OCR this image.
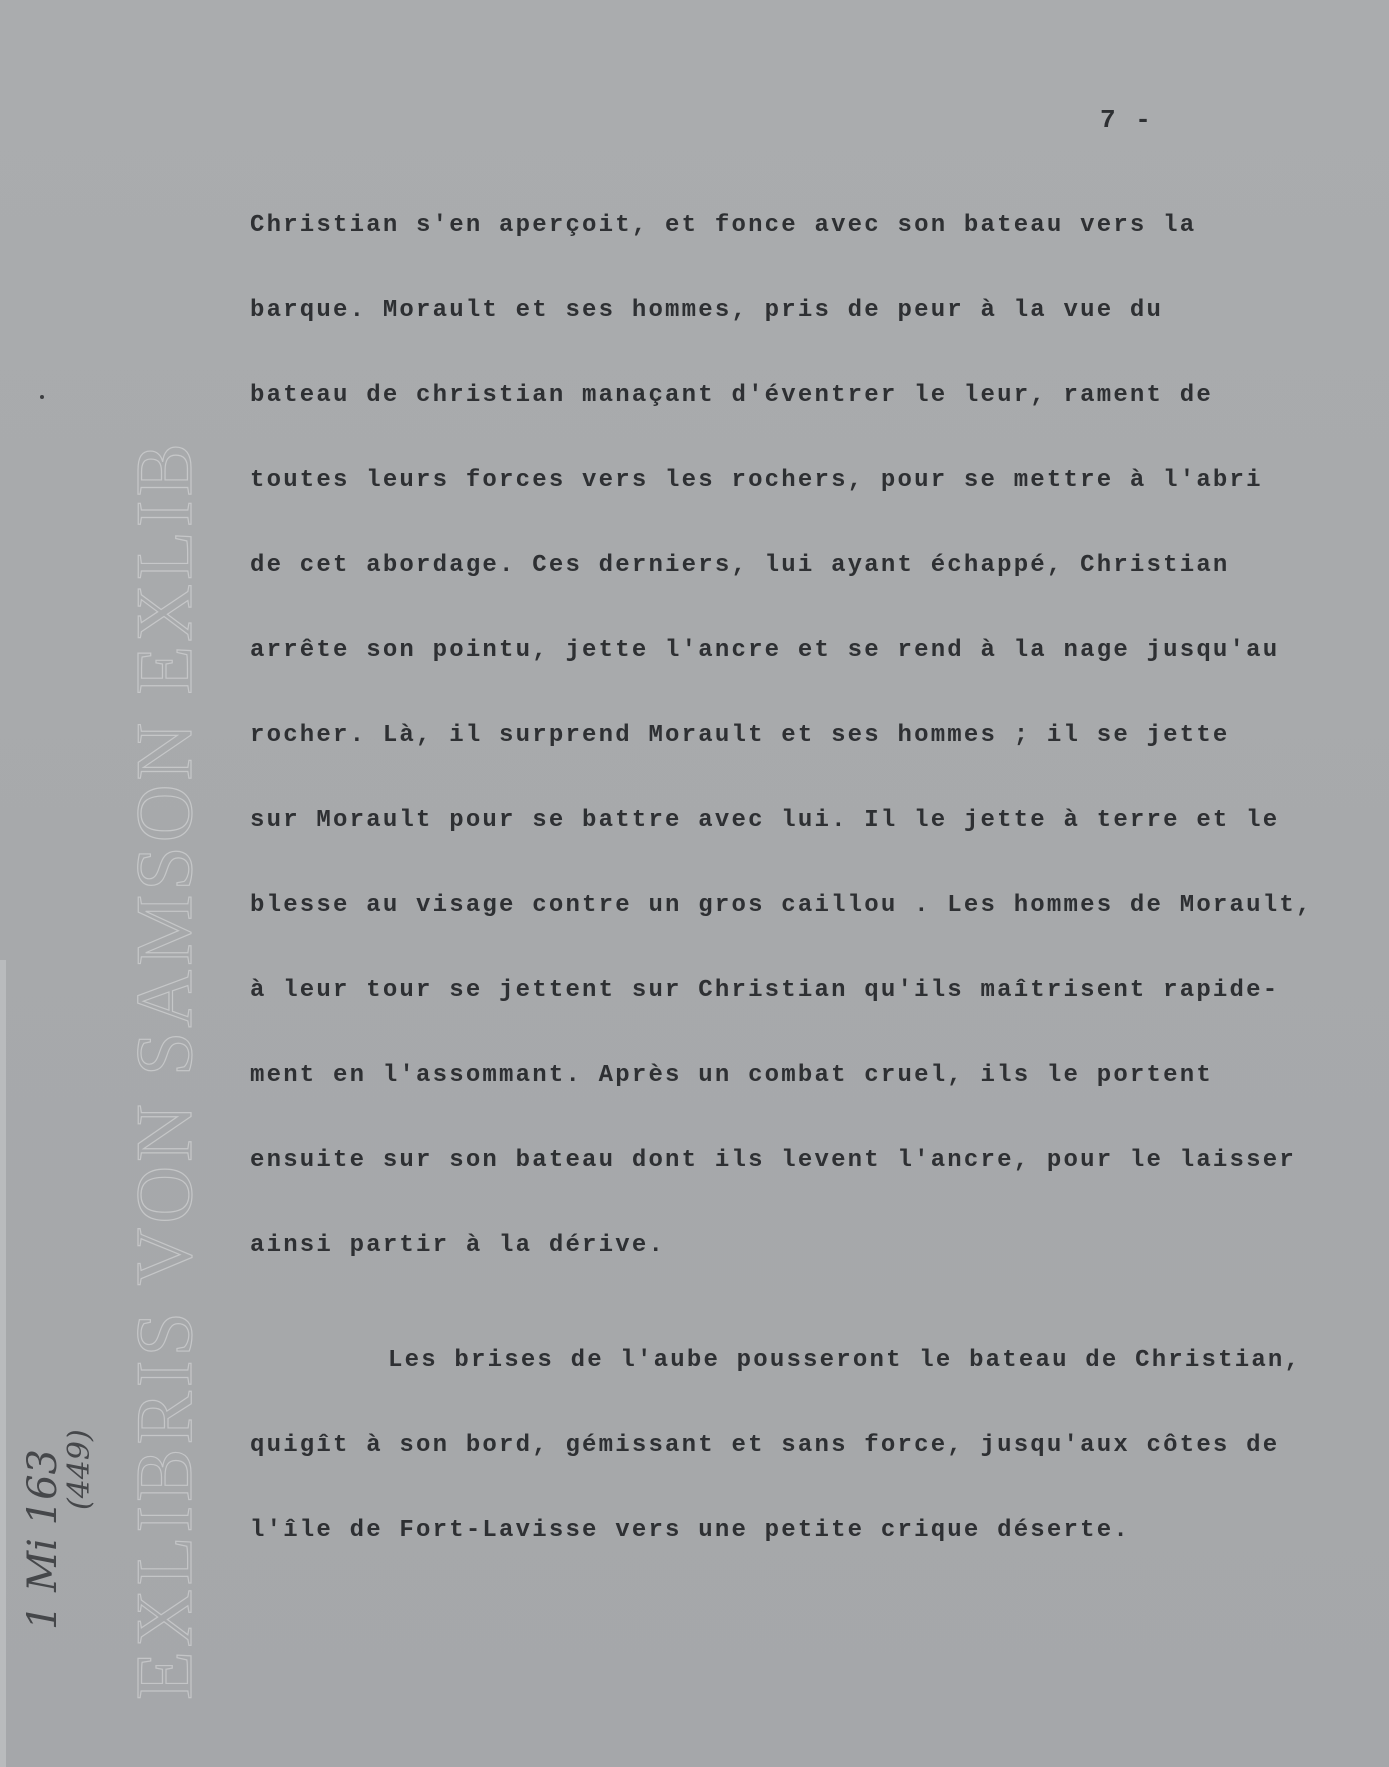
EXLIBRIS VON SAMSON EXLIB
7 -
Christian s'en aperçoit, et fonce avec son bateau vers la
barque. Morault et ses hommes, pris de peur à la vue du
bateau de christian manaçant d'éventrer le leur, rament de
toutes leurs forces vers les rochers, pour se mettre à l'abri
de cet abordage. Ces derniers, lui ayant échappé, Christian
arrête son pointu, jette l'ancre et se rend à la nage jusqu'au
rocher. Là, il surprend Morault et ses hommes ; il se jette
sur Morault pour se battre avec lui. Il le jette à terre et le
blesse au visage contre un gros caillou . Les hommes de Morault,
à leur tour se jettent sur Christian qu'ils maîtrisent rapide-
ment en l'assommant. Après un combat cruel, ils le portent
ensuite sur son bateau dont ils levent l'ancre, pour le laisser
ainsi partir à la dérive.
Les brises de l'aube pousseront le bateau de Christian,
quigît à son bord, gémissant et sans force, jusqu'aux côtes de
l'île de Fort-Lavisse vers une petite crique déserte.
1 Mi 163
(449)
